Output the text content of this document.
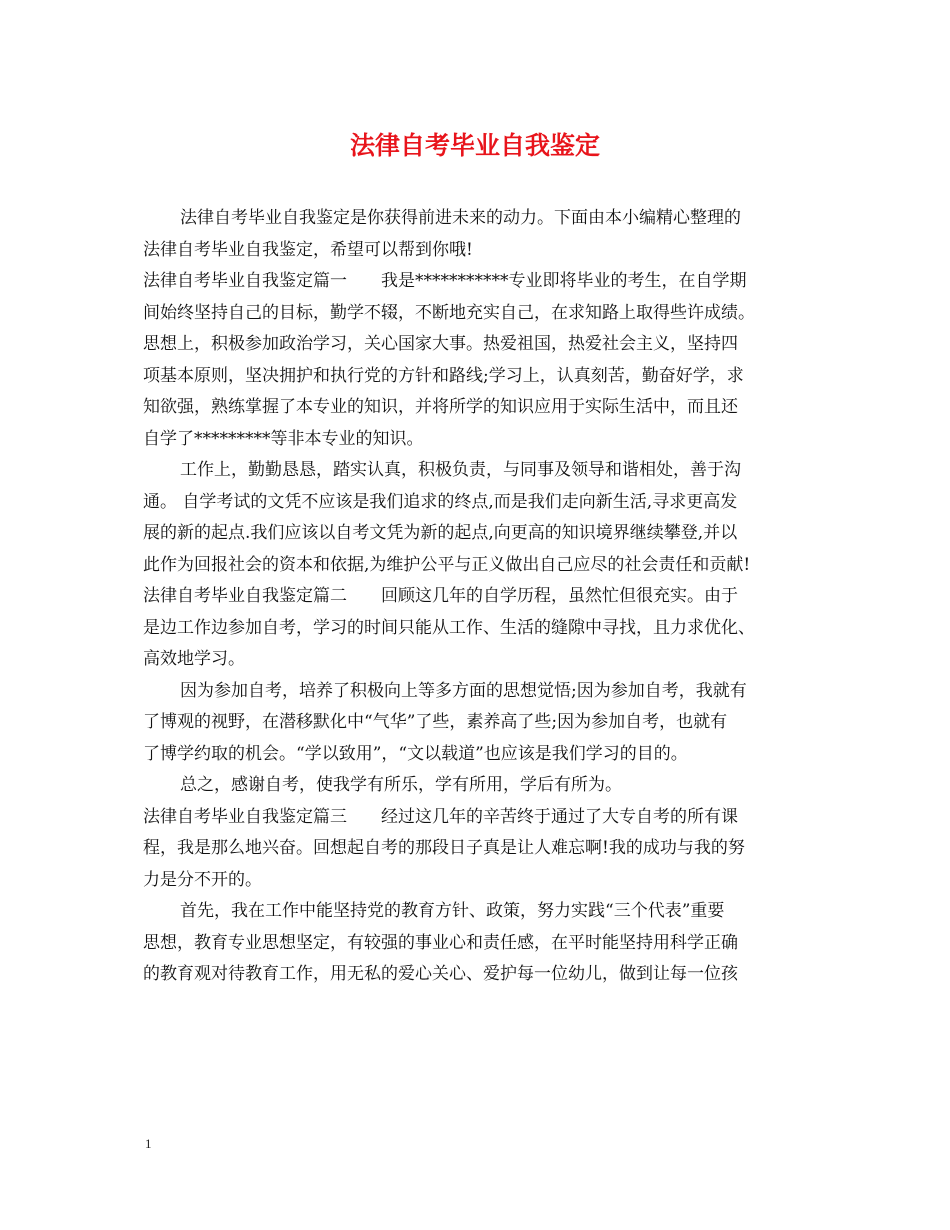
法律自考毕业自我鉴定
法律自考毕业自我鉴定是你获得前进未来的动力。下面由本小编精心整理的
法律自考毕业自我鉴定，希望可以帮到你哦!
法律自考毕业自我鉴定篇一　　我是***********专业即将毕业的考生，在自学期
间始终坚持自己的目标，勤学不辍，不断地充实自己，在求知路上取得些许成绩。
思想上，积极参加政治学习，关心国家大事。热爱祖国，热爱社会主义，坚持四
项基本原则，坚决拥护和执行党的方针和路线;学习上，认真刻苦，勤奋好学，求
知欲强，熟练掌握了本专业的知识，并将所学的知识应用于实际生活中，而且还
自学了*********等非本专业的知识。
工作上，勤勤恳恳，踏实认真，积极负责，与同事及领导和谐相处，善于沟
通。 自学考试的文凭不应该是我们追求的终点,而是我们走向新生活,寻求更高发
展的新的起点.我们应该以自考文凭为新的起点,向更高的知识境界继续攀登,并以
此作为回报社会的资本和依据,为维护公平与正义做出自己应尽的社会责任和贡献!
法律自考毕业自我鉴定篇二　　回顾这几年的自学历程，虽然忙但很充实。由于
是边工作边参加自考，学习的时间只能从工作、生活的缝隙中寻找，且力求优化、
高效地学习。
因为参加自考，培养了积极向上等多方面的思想觉悟;因为参加自考，我就有
了博观的视野，在潜移默化中“气华”了些，素养高了些;因为参加自考，也就有
了博学约取的机会。“学以致用”，“文以载道”也应该是我们学习的目的。
总之，感谢自考，使我学有所乐，学有所用，学后有所为。
法律自考毕业自我鉴定篇三　　经过这几年的辛苦终于通过了大专自考的所有课
程，我是那么地兴奋。回想起自考的那段日子真是让人难忘啊!我的成功与我的努
力是分不开的。
首先，我在工作中能坚持党的教育方针、政策，努力实践“三个代表”重要
思想，教育专业思想坚定，有较强的事业心和责任感，在平时能坚持用科学正确
的教育观对待教育工作，用无私的爱心关心、爱护每一位幼儿，做到让每一位孩
1
